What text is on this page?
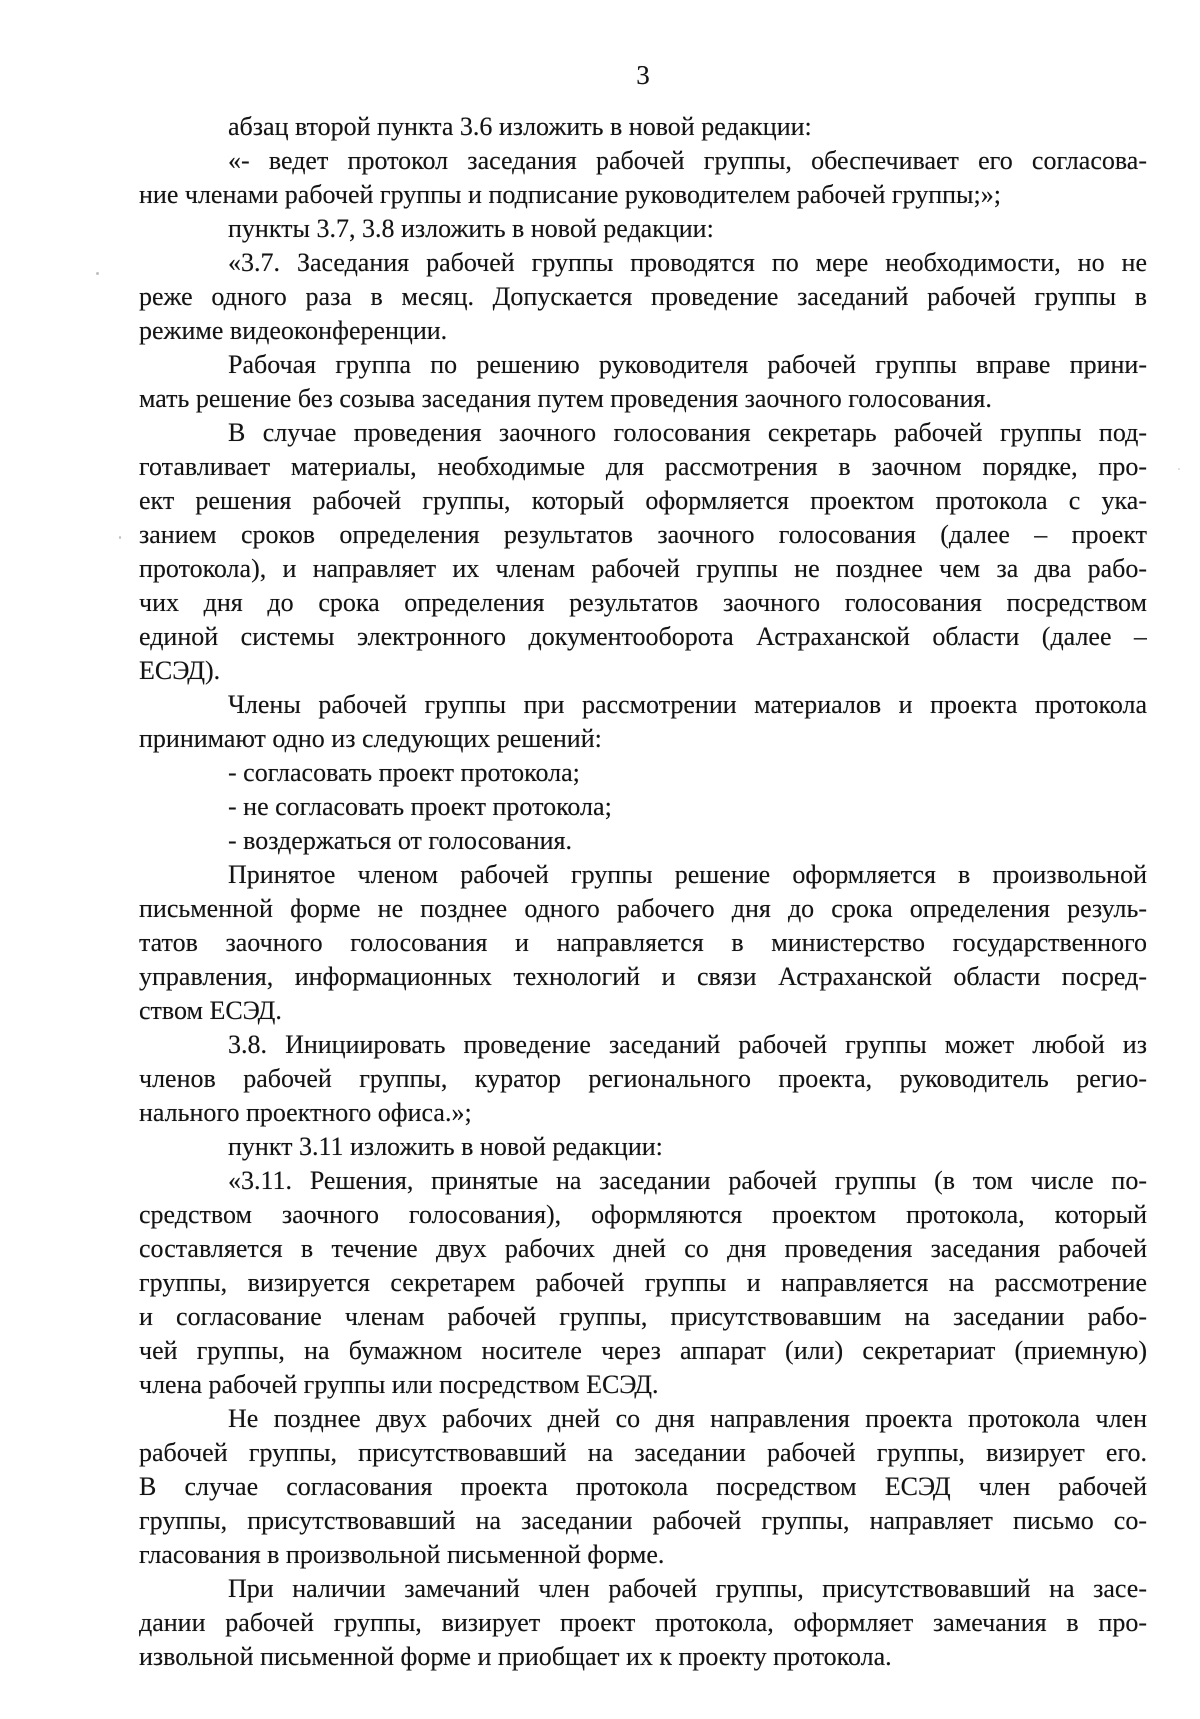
3
абзац второй пункта 3.6 изложить в новой редакции:
«- ведет протокол заседания рабочей группы, обеспечивает его согласова-
ние членами рабочей группы и подписание руководителем рабочей группы;»;
пункты 3.7, 3.8 изложить в новой редакции:
«3.7. Заседания рабочей группы проводятся по мере необходимости, но не
реже одного раза в месяц. Допускается проведение заседаний рабочей группы в
режиме видеоконференции.
Рабочая группа по решению руководителя рабочей группы вправе прини-
мать решение без созыва заседания путем проведения заочного голосования.
В случае проведения заочного голосования секретарь рабочей группы под-
готавливает материалы, необходимые для рассмотрения в заочном порядке, про-
ект решения рабочей группы, который оформляется проектом протокола с ука-
занием сроков определения результатов заочного голосования (далее – проект
протокола), и направляет их членам рабочей группы не позднее чем за два рабо-
чих дня до срока определения результатов заочного голосования посредством
единой системы электронного документооборота Астраханской области (далее –
ЕСЭД).
Члены рабочей группы при рассмотрении материалов и проекта протокола
принимают одно из следующих решений:
- согласовать проект протокола;
- не согласовать проект протокола;
- воздержаться от голосования.
Принятое членом рабочей группы решение оформляется в произвольной
письменной форме не позднее одного рабочего дня до срока определения резуль-
татов заочного голосования и направляется в министерство государственного
управления, информационных технологий и связи Астраханской области посред-
ством ЕСЭД.
3.8. Инициировать проведение заседаний рабочей группы может любой из
членов рабочей группы, куратор регионального проекта, руководитель регио-
нального проектного офиса.»;
пункт 3.11 изложить в новой редакции:
«3.11. Решения, принятые на заседании рабочей группы (в том числе по-
средством заочного голосования), оформляются проектом протокола, который
составляется в течение двух рабочих дней со дня проведения заседания рабочей
группы, визируется секретарем рабочей группы и направляется на рассмотрение
и согласование членам рабочей группы, присутствовавшим на заседании рабо-
чей группы, на бумажном носителе через аппарат (или) секретариат (приемную)
члена рабочей группы или посредством ЕСЭД.
Не позднее двух рабочих дней со дня направления проекта протокола член
рабочей группы, присутствовавший на заседании рабочей группы, визирует его.
В случае согласования проекта протокола посредством ЕСЭД член рабочей
группы, присутствовавший на заседании рабочей группы, направляет письмо со-
гласования в произвольной письменной форме.
При наличии замечаний член рабочей группы, присутствовавший на засе-
дании рабочей группы, визирует проект протокола, оформляет замечания в про-
извольной письменной форме и приобщает их к проекту протокола.
